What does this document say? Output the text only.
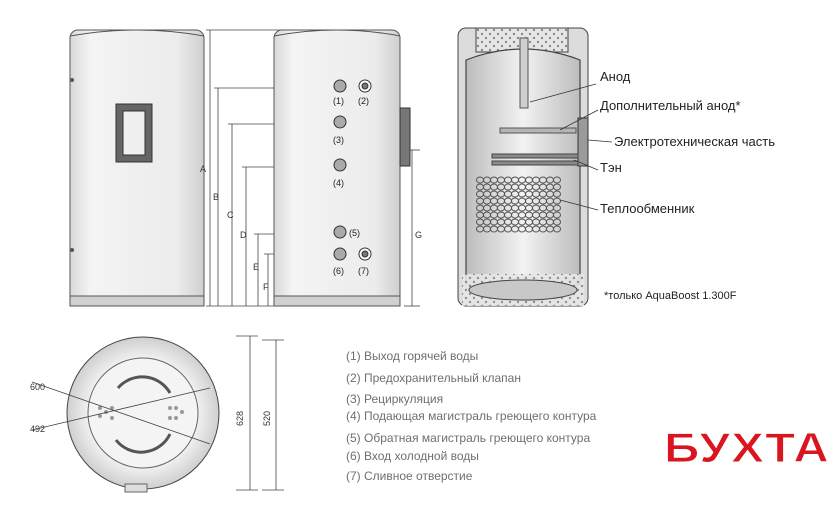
A
B
C
D
E
F
G
(1) (2)
(3)
(4)
(5)
(6) (7)
Анод
Дополнительный анод*
Электротехническая часть
Тэн
Теплообменник
*только AquaBoost 1.300F
600
492
628 520
(1) Выход горячей воды
(2) Предохранительный клапан
(3) Рециркуляция
(4) Подающая магистраль греющего контура
(5) Обратная магистраль греющего контура
(6) Вход холодной воды
(7) Сливное отверстие
БУХТА
